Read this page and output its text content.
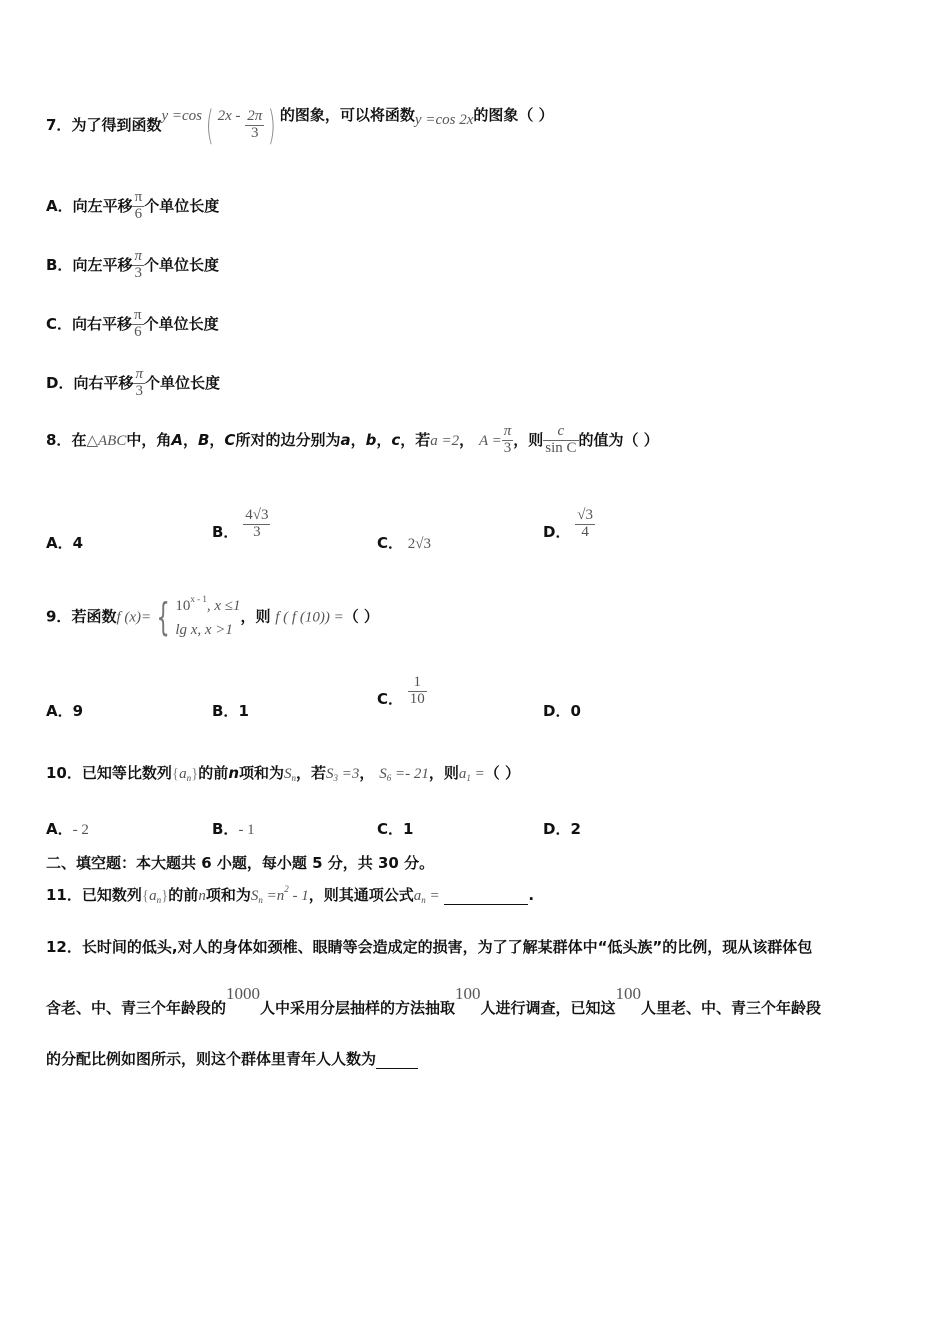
7．为了得到函数y =cos( $2x - \frac{2\pi}{3}$ ) 的图象，可以将函数y =cos 2x的图象（ ）
A．向左平移 $\frac{\pi}{6}$ 个单位长度
B．向左平移 $\frac{\pi}{3}$ 个单位长度
C．向右平移 $\frac{\pi}{6}$ 个单位长度
D．向右平移 $\frac{\pi}{3}$ 个单位长度
8．在△ABC中，角A，B，C所对的边分别为a，b，c，若a =2， $A = \frac{\pi}{3}$ ，则 $\frac{c}{\text{sin C}}$ 的值为（ ）
A．4
B． $\frac{4√3}{3}$
C． 2√3
D． $\frac{√3}{4}$
9．若函数f (x)= { 10$^{x - 1}$, x ≤1
lg x, x >1
，则 f ( f (10)) =（ ）
A．9	B．1
C． $\frac{1}{10}$
D．0
10．已知等比数列$\{a_n\}$的前n项和为$S_n$，若$S_3 =3$， $S_6 =- 21$，则$a_1$ =（ ）
A．- 2	B．- 1	C．1	D．2
二、填空题：本大题共 6 小题，每小题 5 分，共 30 分。
11．已知数列$\{a_n\}$的前n项和为$S_n =n^2 - 1$，则其通项公式$a_n$ =	.
12．长时间的低头,对人的身体如颈椎、眼睛等会造成定的损害，为了了解某群体中“低头族”的比例，现从该群体包
含老、中、青三个年龄段的1000人中采用分层抽样的方法抽取100人进行调查，已知这100人里老、中、青三个年龄段
的分配比例如图所示，则这个群体里青年人人数为
